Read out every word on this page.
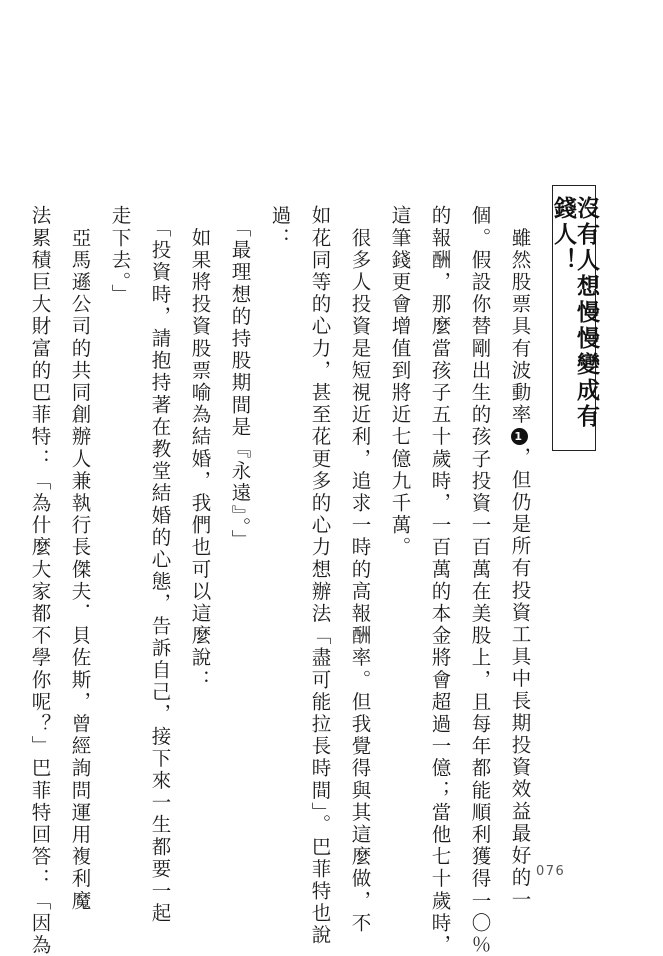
沒有人想慢慢變成有錢人！
　雖然股票具有波動率1，但仍是所有投資工具中長期投資效益最好的一
個。假設你替剛出生的孩子投資一百萬在美股上，且每年都能順利獲得一〇％
的報酬，那麼當孩子五十歲時，一百萬的本金將會超過一億；當他七十歲時，
這筆錢更會增值到將近七億九千萬。
　很多人投資是短視近利，追求一時的高報酬率。但我覺得與其這麼做，不
如花同等的心力，甚至花更多的心力想辦法「盡可能拉長時間」。巴菲特也說
過：
　「最理想的持股期間是『永遠』。」
　如果將投資股票喻為結婚，我們也可以這麼說：
　「投資時，請抱持著在教堂結婚的心態，告訴自己，接下來一生都要一起
走下去。」
　亞馬遜公司的共同創辦人兼執行長傑夫．貝佐斯，曾經詢問運用複利魔
法累積巨大財富的巴菲特：「為什麼大家都不學你呢？」巴菲特回答：「因為	076
